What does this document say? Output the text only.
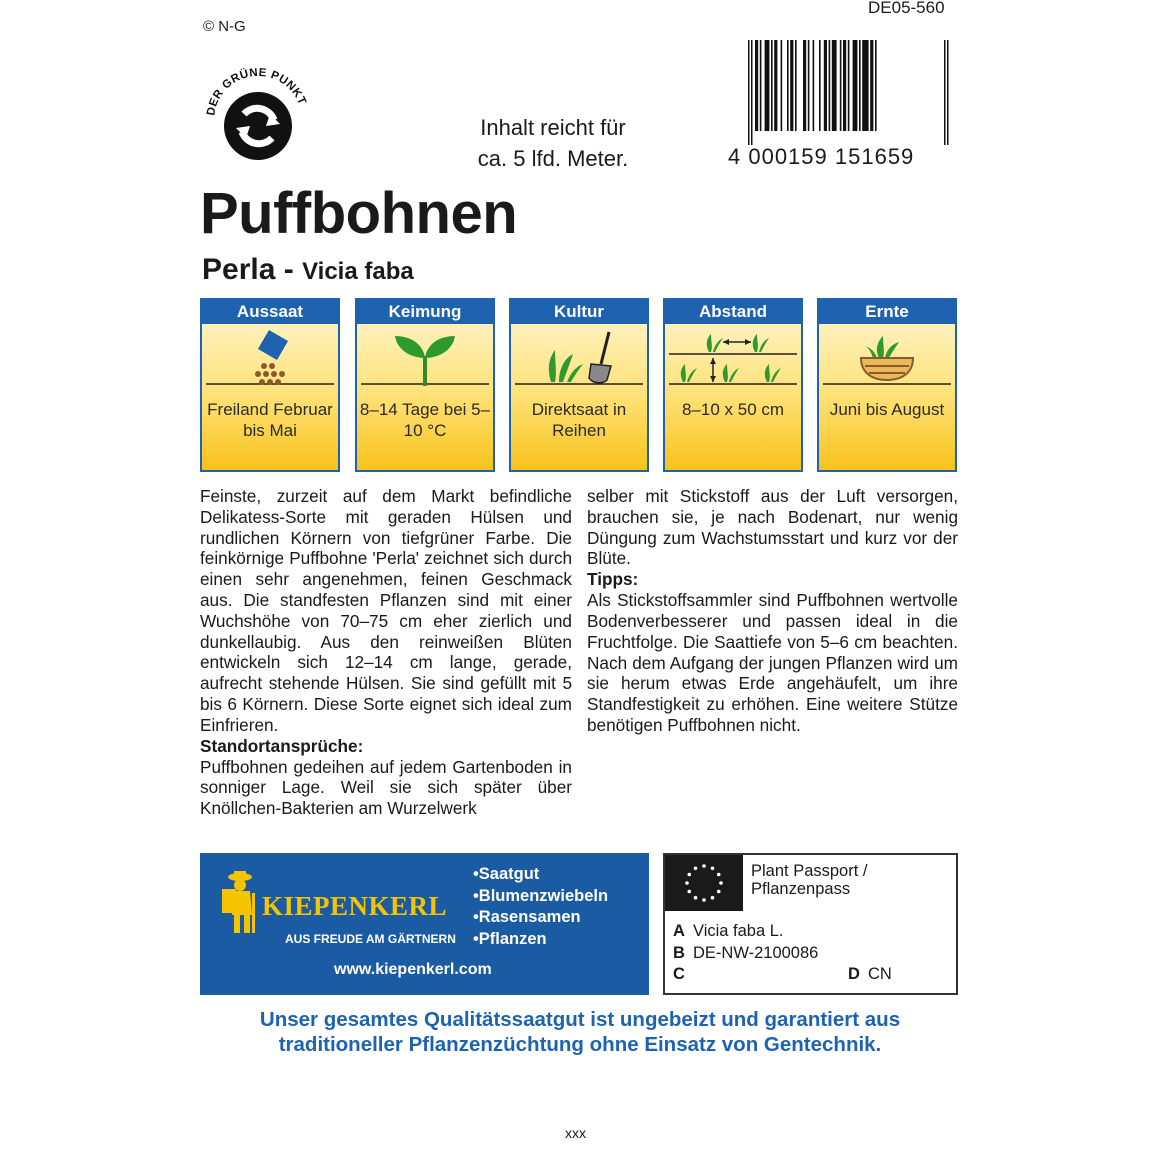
© N-G
DE05-560
DER GRÜNE PUNKT
Inhalt reicht für
ca. 5 lfd. Meter.	4 000159 151659
Puffbohnen
Perla - Vicia faba
Aussaat
Freiland Februar bis Mai
Keimung
8–14 Tage bei 5–10 °C
Kultur
Direktsaat in Reihen
Abstand
8–10 x 50 cm
Ernte
Juni bis August

Feinste, zurzeit auf dem Markt befindliche Delikatess-Sorte mit geraden Hülsen und rundlichen Körnern von tiefgrüner Farbe. Die feinkörnige Puffbohne 'Perla' zeichnet sich durch einen sehr angenehmen, feinen Geschmack aus. Die standfesten Pflanzen sind mit einer Wuchshöhe von 70–75 cm eher zierlich und dunkellaubig. Aus den reinweißen Blüten entwickeln sich 12–14 cm lange, gerade, aufrecht stehende Hülsen. Sie sind gefüllt mit 5 bis 6 Körnern. Diese Sorte eignet sich ideal zum Einfrieren.

Standortansprüche:

Puffbohnen gedeihen auf jedem Gartenboden in sonniger Lage. Weil sie sich später über Knöllchen-Bakterien am Wurzelwerk

selber mit Stickstoff aus der Luft versorgen, brauchen sie, je nach Bodenart, nur wenig Düngung zum Wachstumsstart und kurz vor der Blüte.

Tipps:

Als Stickstoffsammler sind Puffbohnen wertvolle Bodenverbesserer und passen ideal in die Fruchtfolge. Die Saattiefe von 5–6 cm beachten. Nach dem Aufgang der jungen Pflanzen wird um sie herum etwas Erde angehäufelt, um ihre Standfestigkeit zu erhöhen. Eine weitere Stütze benötigen Puffbohnen nicht.

KIEPENKERL
AUS FREUDE AM GÄRTNERN
• Saatgut
• Blumenzwiebeln
• Rasensamen
• Pflanzen
www.kiepenkerl.com
Plant Passport /
Pflanzenpass
A Vicia faba L.
B DE-NW-2100086
C	D CN
Unser gesamtes Qualitätssaatgut ist ungebeizt und garantiert aus
traditioneller Pflanzenzüchtung ohne Einsatz von Gentechnik.
xxx
